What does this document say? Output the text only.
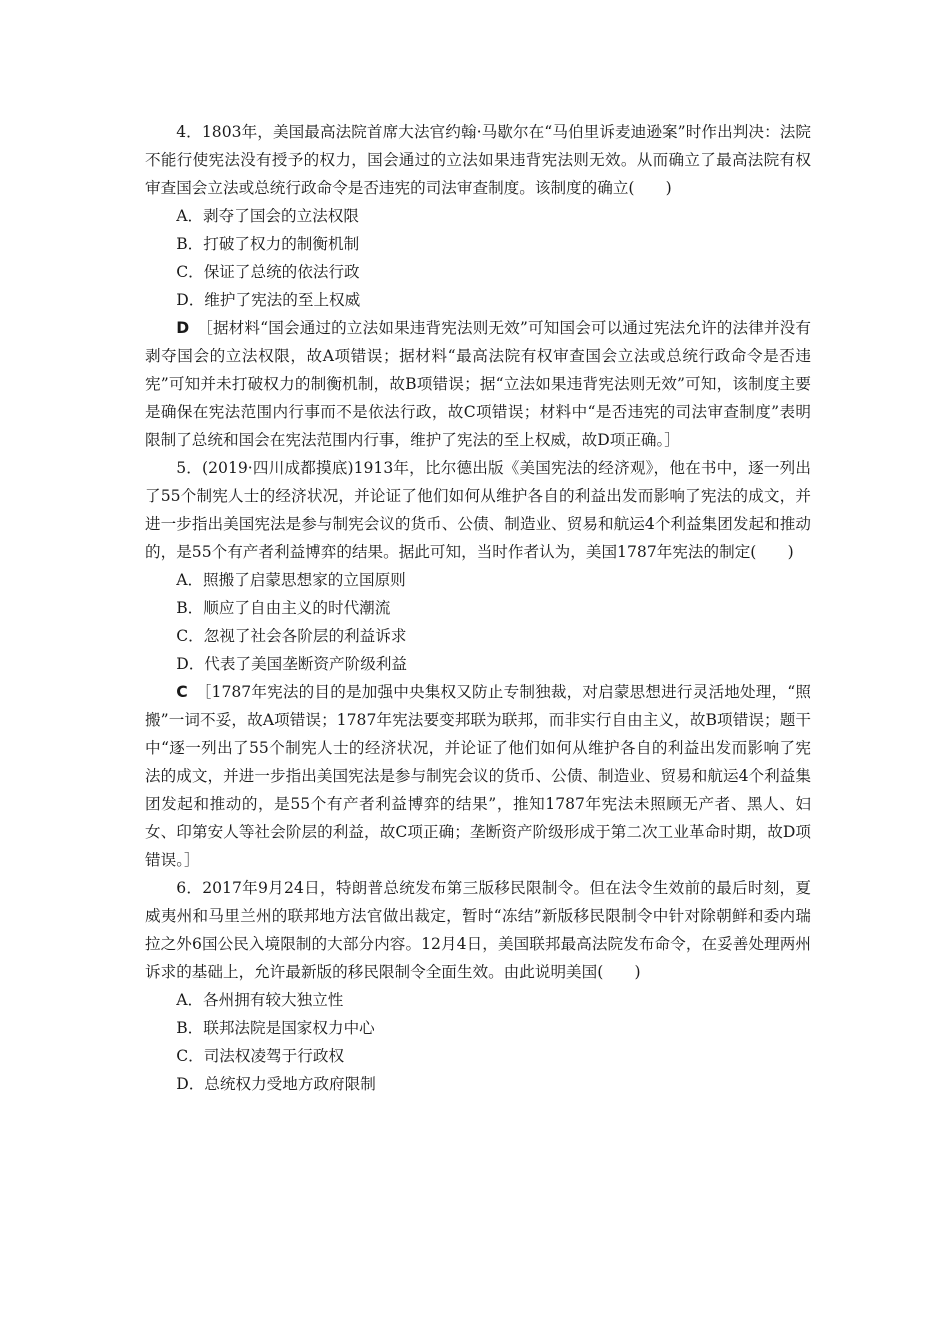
4．1803年，美国最高法院首席大法官约翰·马歇尔在“马伯里诉麦迪逊案”时作出判决：法院不能行使宪法没有授予的权力，国会通过的立法如果违背宪法则无效。从而确立了最高法院有权审查国会立法或总统行政命令是否违宪的司法审查制度。该制度的确立(　　)

A．剥夺了国会的立法权限

B．打破了权力的制衡机制

C．保证了总统的依法行政

D．维护了宪法的至上权威

D　 ［据材料“国会通过的立法如果违背宪法则无效”可知国会可以通过宪法允许的法律并没有剥夺国会的立法权限，故A项错误；据材料“最高法院有权审查国会立法或总统行政命令是否违宪”可知并未打破权力的制衡机制，故B项错误；据“立法如果违背宪法则无效”可知，该制度主要是确保在宪法范围内行事而不是依法行政，故C项错误；材料中“是否违宪的司法审查制度”表明限制了总统和国会在宪法范围内行事，维护了宪法的至上权威，故D项正确。］

5．(2019·四川成都摸底)1913年，比尔德出版《美国宪法的经济观》，他在书中，逐一列出了55个制宪人士的经济状况，并论证了他们如何从维护各自的利益出发而影响了宪法的成文，并进一步指出美国宪法是参与制宪会议的货币、公债、制造业、贸易和航运4个利益集团发起和推动的，是55个有产者利益博弈的结果。据此可知，当时作者认为，美国1787年宪法的制定(　　)

A．照搬了启蒙思想家的立国原则

B．顺应了自由主义的时代潮流

C．忽视了社会各阶层的利益诉求

D．代表了美国垄断资产阶级利益

C　 ［1787年宪法的目的是加强中央集权又防止专制独裁，对启蒙思想进行灵活地处理，“照搬”一词不妥，故A项错误；1787年宪法要变邦联为联邦，而非实行自由主义，故B项错误；题干中“逐一列出了55个制宪人士的经济状况，并论证了他们如何从维护各自的利益出发而影响了宪法的成文，并进一步指出美国宪法是参与制宪会议的货币、公债、制造业、贸易和航运4个利益集团发起和推动的，是55个有产者利益博弈的结果”，推知1787年宪法未照顾无产者、黑人、妇女、印第安人等社会阶层的利益，故C项正确；垄断资产阶级形成于第二次工业革命时期，故D项错误。］

6．2017年9月24日，特朗普总统发布第三版移民限制令。但在法令生效前的最后时刻，夏威夷州和马里兰州的联邦地方法官做出裁定，暂时“冻结”新版移民限制令中针对除朝鲜和委内瑞拉之外6国公民入境限制的大部分内容。12月4日，美国联邦最高法院发布命令，在妥善处理两州诉求的基础上，允许最新版的移民限制令全面生效。由此说明美国(　　)

A．各州拥有较大独立性

B．联邦法院是国家权力中心

C．司法权凌驾于行政权

D．总统权力受地方政府限制
